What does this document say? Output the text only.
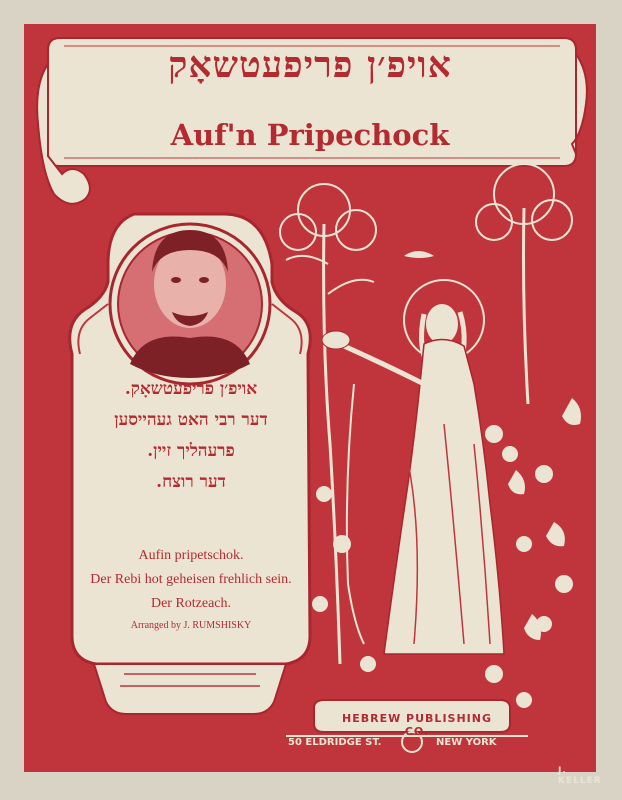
אויפ׳ן פריפעטשאָק
Auf'n Pripechock
אויפ׳ן פריפעטשאָק.
דער רבי האט געהייסען
פרעהליך זיין.
דער רוצח.
Aufin pripetschok.
Der Rebi hot geheisen frehlich sein.
Der Rotzeach.
Arranged by J. RUMSHISKY
HEBREW PUBLISHING CO.
50 ELDRIDGE ST.	NEW YORK
J. KELLER
